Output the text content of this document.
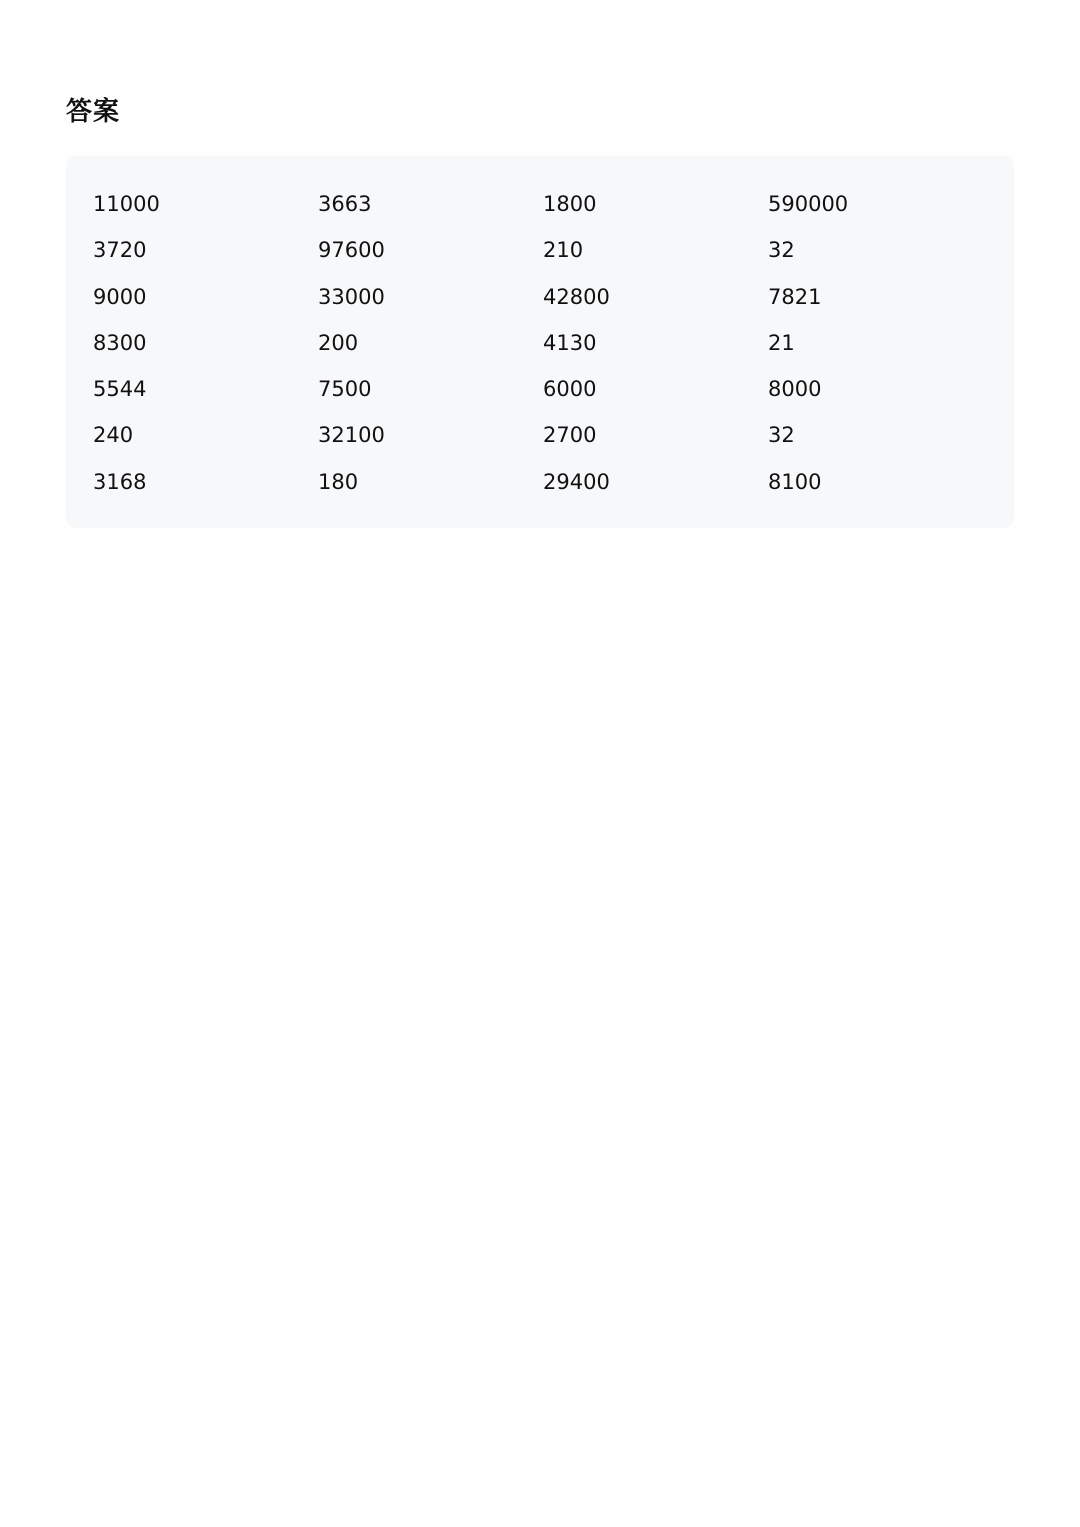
答案
11000	3663	1800	590000
3720	97600	210	32
9000	33000	42800	7821
8300	200	4130	21
5544	7500	6000	8000
240	32100	2700	32
3168	180	29400	8100
